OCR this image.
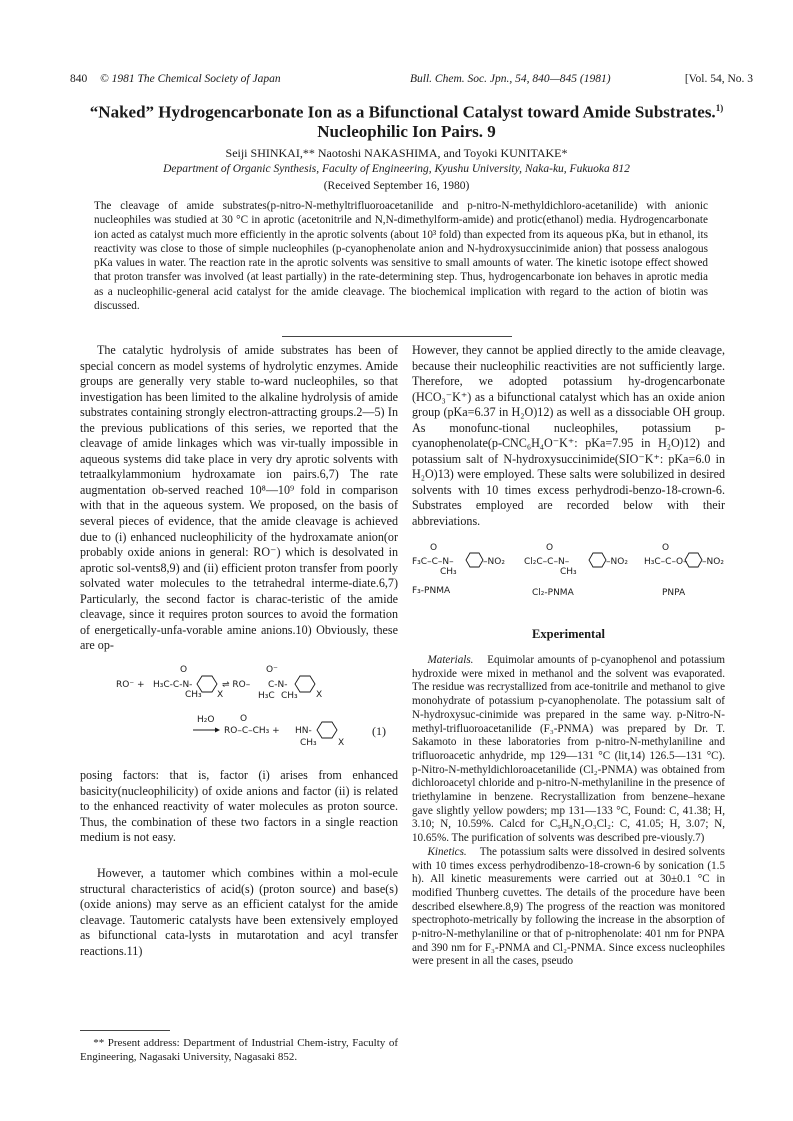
840 © 1981 The Chemical Society of Japan	Bull. Chem. Soc. Jpn., 54, 840—845 (1981)	[Vol. 54, No. 3
“Naked” Hydrogencarbonate Ion as a Bifunctional Catalyst toward Amide Substrates.$^{1)}$ Nucleophilic Ion Pairs. 9
Seiji SHINKAI,** Naotoshi NAKASHIMA, and Toyoki KUNITAKE*
Department of Organic Synthesis, Faculty of Engineering, Kyushu University, Naka-ku, Fukuoka 812
(Received September 16, 1980)

The cleavage of amide substrates(p-nitro-N-methyltrifluoroacetanilide and p-nitro-N-methyldichloro-acetanilide) with anionic nucleophiles was studied at 30 °C in aprotic (acetonitrile and N,N-dimethylform-amide) and protic(ethanol) media. Hydrogencarbonate ion acted as catalyst much more efficiently in the aprotic solvents (about 10³ fold) than expected from its aqueous pKa, but in ethanol, its reactivity was close to those of simple nucleophiles (p-cyanophenolate anion and N-hydroxysuccinimide anion) that possess analogous pKa values in water. The reaction rate in the aprotic solvents was sensitive to small amounts of water. The kinetic isotope effect showed that proton transfer was involved (at least partially) in the rate-determining step. Thus, hydrogencarbonate ion behaves in aprotic media as a nucleophilic-general acid catalyst for the amide cleavage. The biochemical implication with regard to the action of biotin was discussed.

The catalytic hydrolysis of amide substrates has been of special concern as model systems of hydrolytic enzymes. Amide groups are generally very stable to-ward nucleophiles, so that investigation has been limited to the alkaline hydrolysis of amide substrates containing strongly electron-attracting groups.2—5) In the previous publications of this series, we reported that the cleavage of amide linkages which was vir-tually impossible in aqueous systems did take place in very dry aprotic solvents with tetraalkylammonium hydroxamate ion pairs.6,7) The rate augmentation ob-served reached 10⁸—10⁹ fold in comparison with that in the aqueous system. We proposed, on the basis of several pieces of evidence, that the amide cleavage is achieved due to (i) enhanced nucleophilicity of the hydroxamate anion(or probably oxide anions in general: RO⁻) which is desolvated in aprotic sol-vents8,9) and (ii) efficient proton transfer from poorly solvated water molecules to the tetrahedral interme-diate.6,7) Particularly, the second factor is charac-teristic of the amide cleavage, since it requires proton sources to avoid the formation of energetically-unfa-vorable amine anions.10) Obviously, these are op-

RO⁻ + H₃C-C-N-
O
CH₃ X
⇌ RO– C-N-
O⁻
H₃C CH₃ X
H₂O	O
RO–C–CH₃ + HN-
CH₃ X
(1)

posing factors: that is, factor (i) arises from enhanced basicity(nucleophilicity) of oxide anions and factor (ii) is related to the enhanced reactivity of water molecules as proton source. Thus, the combination of these two factors in a single reaction medium is not easy.

However, a tautomer which combines within a mol-ecule structural characteristics of acid(s) (proton source) and base(s) (oxide anions) may serve as an efficient catalyst for the amide cleavage. Tautomeric catalysts have been extensively employed as bifunctional cata-lysts in mutarotation and acyl transfer reactions.11)

However, they cannot be applied directly to the amide cleavage, because their nucleophilic reactivities are not sufficiently large. Therefore, we adopted potassium hy-drogencarbonate (HCO₃⁻K⁺) as a bifunctional catalyst which has an oxide anion group (pKa=6.37 in H₂O)12) as well as a dissociable OH group. As monofunc-tional nucleophiles, potassium p-cyanophenolate(p-CNC₆H₄O⁻K⁺: pKa=7.95 in H₂O)12) and potassium salt of N-hydroxysuccinimide(SIO⁻K⁺: pKa=6.0 in H₂O)13) were employed. These salts were solubilized in desired solvents with 10 times excess perhydrodi-benzo-18-crown-6. Substrates employed are recorded below with their abbreviations.

O
F₃C–C–N–
CH₃
–NO₂
F₃-PNMA
O
Cl₂C–C–N–
CH₃
–NO₂
Cl₂-PNMA
O
H₃C–C–O– –NO₂
PNPA
Experimental

Materials. Equimolar amounts of p-cyanophenol and potassium hydroxide were mixed in methanol and the solvent was evaporated. The residue was recrystallized from ace-tonitrile and methanol to give monohydrate of potassium p-cyanophenolate. The potassium salt of N-hydroxysuc-cinimide was prepared in the same way. p-Nitro-N-methyl-trifluoroacetanilide (F₃-PNMA) was prepared by Dr. T. Sakamoto in these laboratories from p-nitro-N-methylaniline and trifluoroacetic anhydride, mp 129—131 °C (lit,14) 126.5—131 °C). p-Nitro-N-methyldichloroacetanilide (Cl₂-PNMA) was obtained from dichloroacetyl chloride and p-nitro-N-methylaniline in the presence of triethylamine in benzene. Recrystallization from benzene–hexane gave slightly yellow powders; mp 131—133 °C, Found: C, 41.38; H, 3.10; N, 10.59%. Calcd for C₉H₈N₂O₃Cl₂: C, 41.05; H, 3.07; N, 10.65%. The purification of solvents was described pre-viously.7)

Kinetics. The potassium salts were dissolved in desired solvents with 10 times excess perhydrodibenzo-18-crown-6 by sonication (1.5 h). All kinetic measurements were carried out at 30±0.1 °C in modified Thunberg cuvettes. The details of the procedure have been described elsewhere.8,9) The progress of the reaction was monitored spectrophoto-metrically by following the increase in the absorption of p-nitro-N-methylaniline or that of p-nitrophenolate: 401 nm for PNPA and 390 nm for F₃-PNMA and Cl₂-PNMA. Since excess nucleophiles were present in all the cases, pseudo

** Present address: Department of Industrial Chem-istry, Faculty of Engineering, Nagasaki University, Nagasaki 852.
